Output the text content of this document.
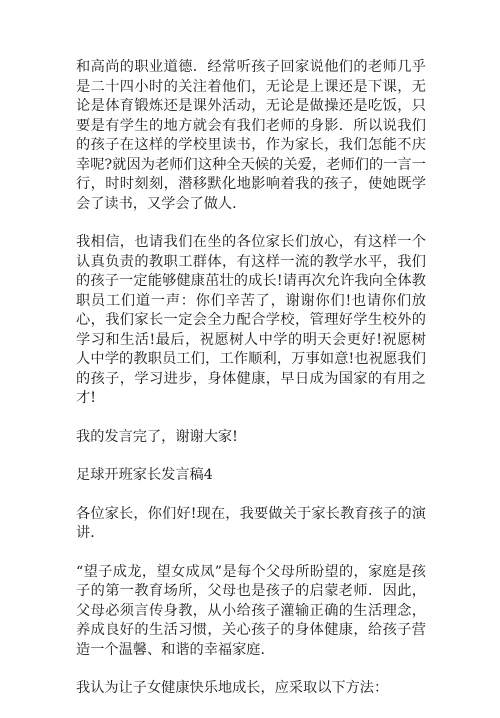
和高尚的职业道德．经常听孩子回家说他们的老师几乎是二十四小时的关注着他们，无论是上课还是下课，无论是体育锻炼还是课外活动，无论是做操还是吃饭，只要是有学生的地方就会有我们老师的身影．所以说我们的孩子在这样的学校里读书，作为家长，我们怎能不庆幸呢?就因为老师们这种全天候的关爱，老师们的一言一行，时时刻刻，潜移默化地影响着我的孩子，使她既学会了读书，又学会了做人．

我相信，也请我们在坐的各位家长们放心，有这样一个认真负责的教职工群体，有这样一流的教学水平，我们的孩子一定能够健康茁壮的成长!请再次允许我向全体教职员工们道一声：你们辛苦了，谢谢你们!也请你们放心，我们家长一定会全力配合学校，管理好学生校外的学习和生活!最后，祝愿树人中学的明天会更好!祝愿树人中学的教职员工们，工作顺利，万事如意!也祝愿我们的孩子，学习进步，身体健康，早日成为国家的有用之才!

我的发言完了，谢谢大家!

足球开班家长发言稿4

各位家长，你们好!现在，我要做关于家长教育孩子的演讲．

“望子成龙，望女成凤”是每个父母所盼望的，家庭是孩子的第一教育场所，父母也是孩子的启蒙老师．因此，父母必须言传身教，从小给孩子灌输正确的生活理念，养成良好的生活习惯，关心孩子的身体健康，给孩子营造一个温馨、和谐的幸福家庭．

我认为让子女健康快乐地成长，应采取以下方法：
